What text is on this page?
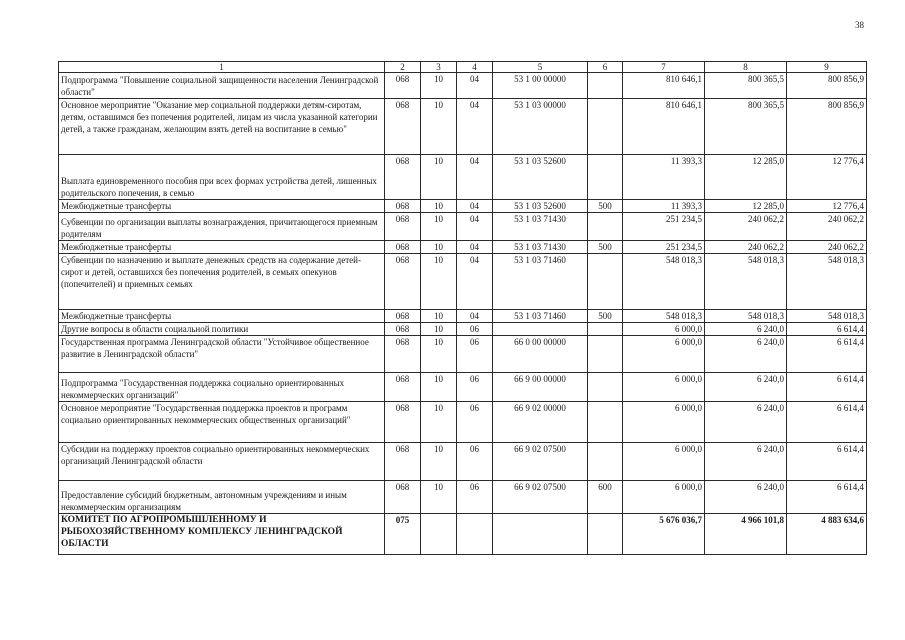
38
1	2	3	4	5	6	7	8	9
Подпрограмма "Повышение социальной защищенности населения Ленинградской области"	068	10	04	53 1 00 00000		810 646,1	800 365,5	800 856,9
Основное мероприятие "Оказание мер социальной поддержки детям-сиротам, детям, оставшимся без попечения родителей, лицам из числа указанной категории детей, а также гражданам, желающим взять детей на воспитание в семью"	068	10	04	53 1 03 00000		810 646,1	800 365,5	800 856,9
Выплата единовременного пособия при всех формах устройства детей, лишенных родительского попечения, в семью	068	10	04	53 1 03 52600		11 393,3	12 285,0	12 776,4
Межбюджетные трансферты	068	10	04	53 1 03 52600	500	11 393,3	12 285,0	12 776,4
Субвенции по организации выплаты вознаграждения, причитающегося приемным родителям	068	10	04	53 1 03 71430		251 234,5	240 062,2	240 062,2
Межбюджетные трансферты	068	10	04	53 1 03 71430	500	251 234,5	240 062,2	240 062,2
Субвенции по назначению и выплате денежных средств на содержание детей-сирот и детей, оставшихся без попечения родителей, в семьях опекунов (попечителей) и приемных семьях	068	10	04	53 1 03 71460		548 018,3	548 018,3	548 018,3
Межбюджетные трансферты	068	10	04	53 1 03 71460	500	548 018,3	548 018,3	548 018,3
Другие вопросы в области социальной политики	068	10	06			6 000,0	6 240,0	6 614,4
Государственная программа Ленинградской области "Устойчивое общественное развитие в Ленинградской области"	068	10	06	66 0 00 00000		6 000,0	6 240,0	6 614,4
Подпрограмма "Государственная поддержка социально ориентированных некоммерческих организаций"	068	10	06	66 9 00 00000		6 000,0	6 240,0	6 614,4
Основное мероприятие "Государственная поддержка проектов и программ социально ориентированных некоммерческих общественных организаций"	068	10	06	66 9 02 00000		6 000,0	6 240,0	6 614,4
Субсидии на поддержку проектов социально ориентированных некоммерческих организаций Ленинградской области	068	10	06	66 9 02 07500		6 000,0	6 240,0	6 614,4
Предоставление субсидий бюджетным, автономным учреждениям и иным некоммерческим организациям	068	10	06	66 9 02 07500	600	6 000,0	6 240,0	6 614,4
КОМИТЕТ ПО АГРОПРОМЫШЛЕННОМУ И РЫБОХОЗЯЙСТВЕННОМУ КОМПЛЕКСУ ЛЕНИНГРАДСКОЙ ОБЛАСТИ	075					5 676 036,7	4 966 101,8	4 883 634,6
